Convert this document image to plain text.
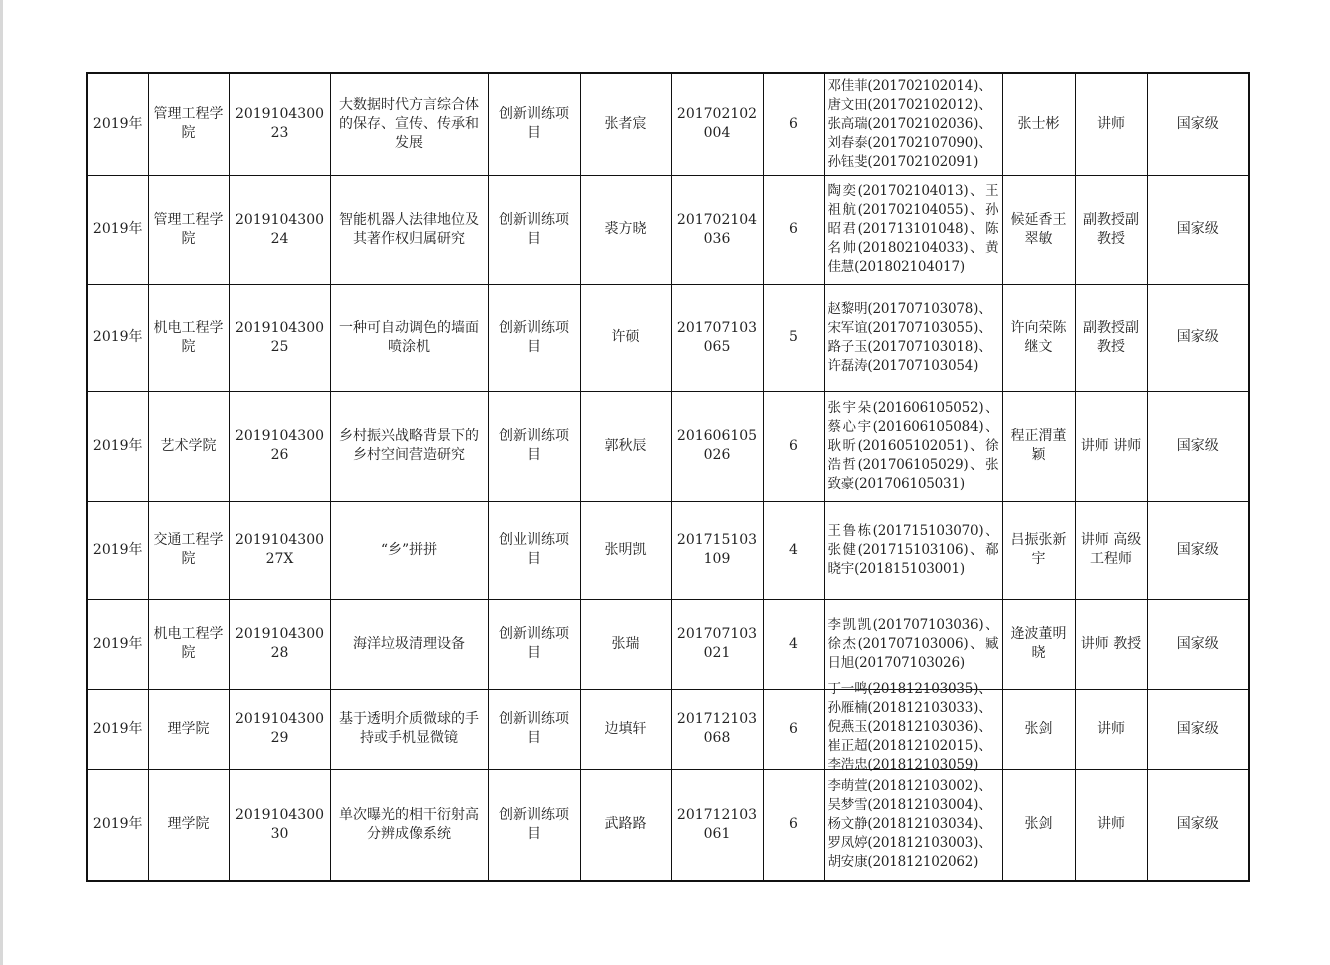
2019年	管理工程学院	201910430023	大数据时代方言综合体的保存、宣传、传承和发展	创新训练项目	张者宸	201702102004	6	邓佳菲(201702102014)、
唐文田(201702102012)、
张高瑞(201702102036)、
刘春泰(201702107090)、
孙钰斐(201702102091)	张士彬	讲师	国家级
2019年	管理工程学院	201910430024	智能机器人法律地位及其著作权归属研究	创新训练项目	裘方晓	201702104036	6	陶奕(201702104013)、王祖航(201702104055)、孙昭君(201713101048)、陈名帅(201802104033)、黄佳慧(201802104017)	候延香王翠敏	副教授副教授	国家级
2019年	机电工程学院	201910430025	一种可自动调色的墙面喷涂机	创新训练项目	许硕	201707103065	5	赵黎明(201707103078)、
宋军谊(201707103055)、
路子玉(201707103018)、
许磊涛(201707103054)	许向荣陈继文	副教授副教授	国家级
2019年	艺术学院	201910430026	乡村振兴战略背景下的乡村空间营造研究	创新训练项目	郭秋辰	201606105026	6	张宇朵(201606105052)、蔡心宇(201606105084)、耿昕(201605102051)、徐浩哲(201706105029)、张致豪(201706105031)	程正渭董颖	讲师 讲师	国家级
2019年	交通工程学院	201910430027X	“乡”拼拼	创业训练项目	张明凯	201715103109	4	王鲁栋(201715103070)、张健(201715103106)、郗晓宇(201815103001)	吕振张新宇	讲师 高级工程师	国家级
2019年	机电工程学院	201910430028	海洋垃圾清理设备	创新训练项目	张瑞	201707103021	4	李凯凯(201707103036)、徐杰(201707103006)、臧日旭(201707103026)	逄波董明晓	讲师 教授	国家级
2019年	理学院	201910430029	基于透明介质微球的手持或手机显微镜	创新训练项目	边填轩	201712103068	6	丁一鸣(201812103035)、
孙雁楠(201812103033)、
倪燕玉(201812103036)、
崔正超(201812102015)、
李浩忠(201812103059)	张剑	讲师	国家级
2019年	理学院	201910430030	单次曝光的相干衍射高分辨成像系统	创新训练项目	武路路	201712103061	6	李萌萱(201812103002)、
吴梦雪(201812103004)、
杨文静(201812103034)、
罗凤婷(201812103003)、
胡安康(201812102062)	张剑	讲师	国家级
